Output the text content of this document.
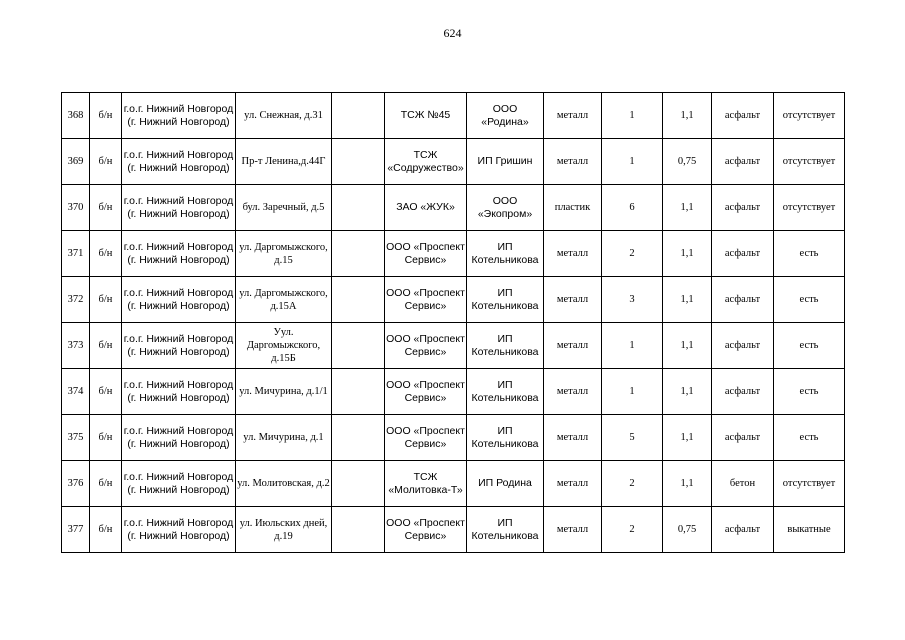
624
368	б/н	г.о.г. Нижний Новгород (г. Нижний Новгород)	ул. Снежная, д.31		ТСЖ №45	ООО «Родина»	металл	1	1,1	асфальт	отсутствует
369	б/н	г.о.г. Нижний Новгород (г. Нижний Новгород)	Пр-т Ленина,д.44Г		ТСЖ «Содружество»	ИП Гришин	металл	1	0,75	асфальт	отсутствует
370	б/н	г.о.г. Нижний Новгород (г. Нижний Новгород)	бул. Заречный, д.5		ЗАО «ЖУК»	ООО «Экопром»	пластик	6	1,1	асфальт	отсутствует
371	б/н	г.о.г. Нижний Новгород (г. Нижний Новгород)	ул. Даргомыжского, д.15		ООО «Проспект Сервис»	ИП Котельникова	металл	2	1,1	асфальт	есть
372	б/н	г.о.г. Нижний Новгород (г. Нижний Новгород)	ул. Даргомыжского, д.15А		ООО «Проспект Сервис»	ИП Котельникова	металл	3	1,1	асфальт	есть
373	б/н	г.о.г. Нижний Новгород (г. Нижний Новгород)	Уул. Даргомыжского, д.15Б		ООО «Проспект Сервис»	ИП Котельникова	металл	1	1,1	асфальт	есть
374	б/н	г.о.г. Нижний Новгород (г. Нижний Новгород)	ул. Мичурина, д.1/1		ООО «Проспект Сервис»	ИП Котельникова	металл	1	1,1	асфальт	есть
375	б/н	г.о.г. Нижний Новгород (г. Нижний Новгород)	ул. Мичурина, д.1		ООО «Проспект Сервис»	ИП Котельникова	металл	5	1,1	асфальт	есть
376	б/н	г.о.г. Нижний Новгород (г. Нижний Новгород)	ул. Молитовская, д.2		ТСЖ «Молитовка-Т»	ИП Родина	металл	2	1,1	бетон	отсутствует
377	б/н	г.о.г. Нижний Новгород (г. Нижний Новгород)	ул. Июльских дней, д.19		ООО «Проспект Сервис»	ИП Котельникова	металл	2	0,75	асфальт	выкатные
